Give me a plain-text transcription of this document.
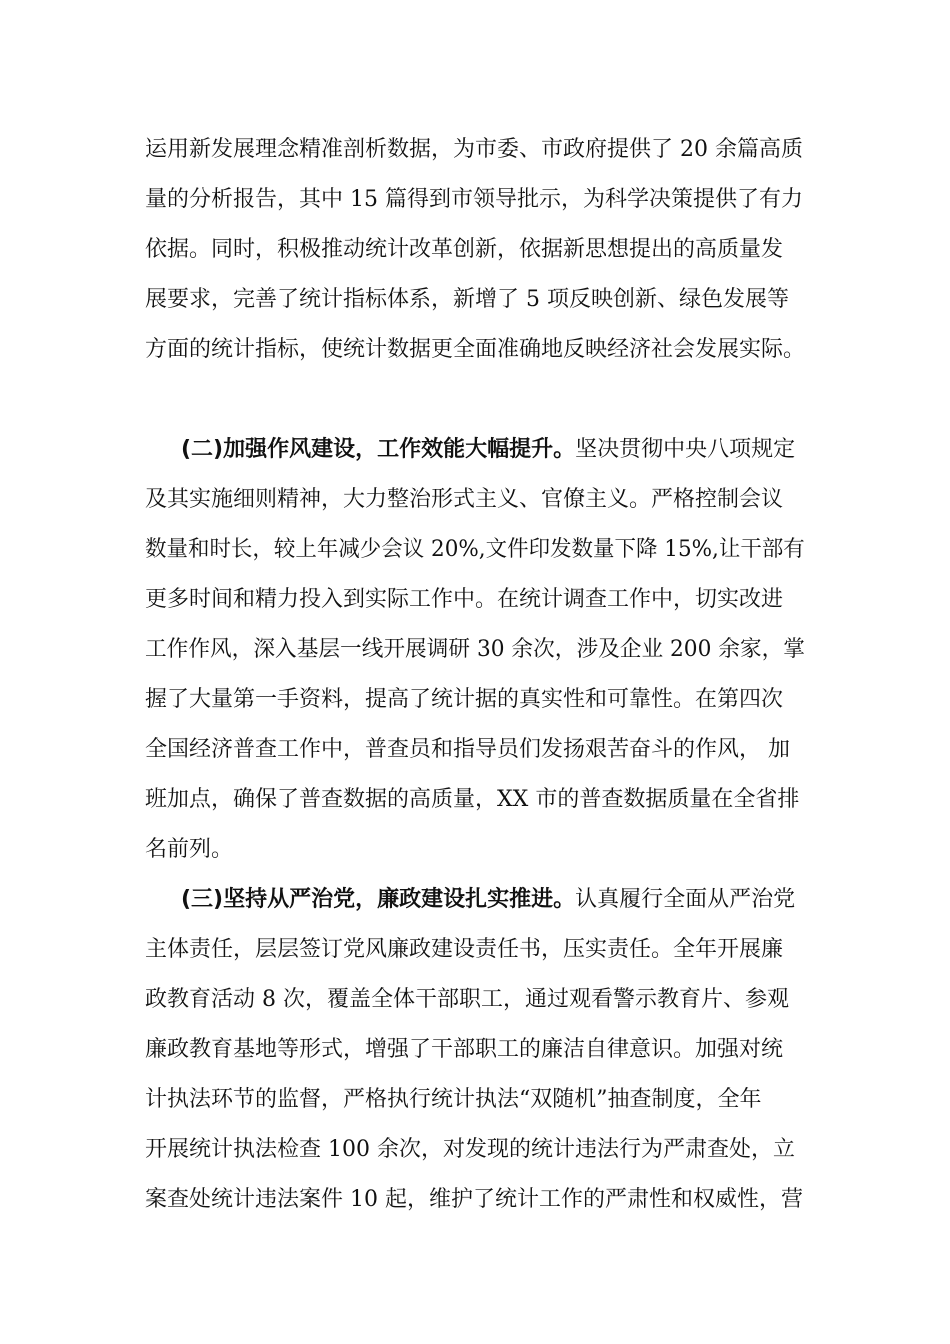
运用新发展理念精准剖析数据，为市委、市政府提供了 20 余篇高质
量的分析报告，其中 15 篇得到市领导批示，为科学决策提供了有力
依据。同时，积极推动统计改革创新，依据新思想提出的高质量发
展要求，完善了统计指标体系，新增了 5 项反映创新、绿色发展等
方面的统计指标，使统计数据更全面准确地反映经济社会发展实际。
(二)加强作风建设，工作效能大幅提升。坚决贯彻中央八项规定
及其实施细则精神，大力整治形式主义、官僚主义。严格控制会议
数量和时长，较上年减少会议 20%,文件印发数量下降 15%,让干部有
更多时间和精力投入到实际工作中。在统计调查工作中，切实改进
工作作风，深入基层一线开展调研 30 余次，涉及企业 200 余家，掌
握了大量第一手资料，提高了统计据的真实性和可靠性。在第四次
全国经济普查工作中，普查员和指导员们发扬艰苦奋斗的作风， 加
班加点，确保了普查数据的高质量，XX 市的普查数据质量在全省排
名前列。
(三)坚持从严治党，廉政建设扎实推进。认真履行全面从严治党
主体责任，层层签订党风廉政建设责任书，压实责任。全年开展廉
政教育活动 8 次，覆盖全体干部职工，通过观看警示教育片、参观
廉政教育基地等形式，增强了干部职工的廉洁自律意识。加强对统
计执法环节的监督，严格执行统计执法“双随机”抽查制度，全年
开展统计执法检查 100 余次，对发现的统计违法行为严肃查处，立
案查处统计违法案件 10 起，维护了统计工作的严肃性和权威性，营
